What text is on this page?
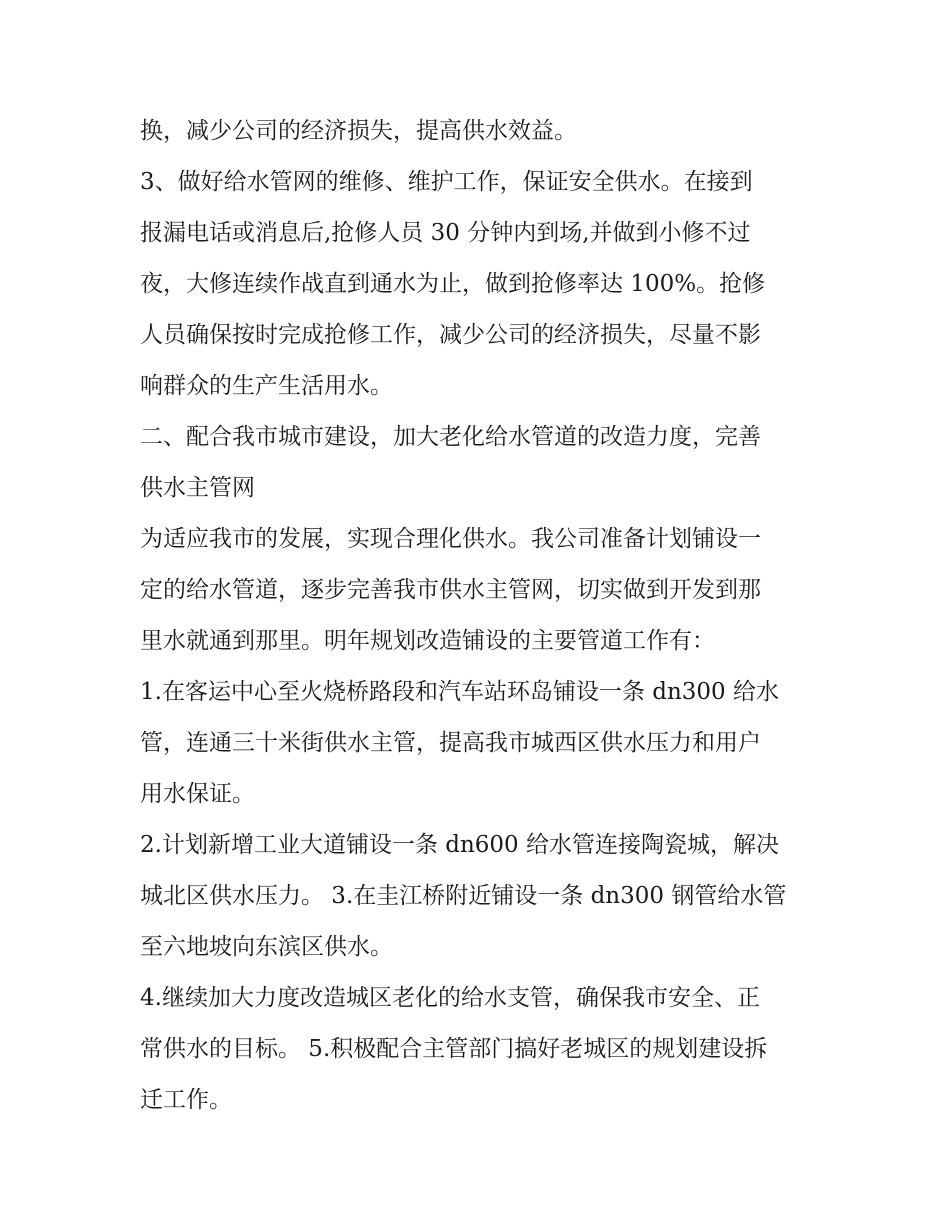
换，减少公司的经济损失，提高供水效益。
3、做好给水管网的维修、维护工作，保证安全供水。在接到
报漏电话或消息后,抢修人员 30 分钟内到场,并做到小修不过
夜，大修连续作战直到通水为止，做到抢修率达 100%。抢修
人员确保按时完成抢修工作，减少公司的经济损失，尽量不影
响群众的生产生活用水。
二、配合我市城市建设，加大老化给水管道的改造力度，完善
供水主管网
为适应我市的发展，实现合理化供水。我公司准备计划铺设一
定的给水管道，逐步完善我市供水主管网，切实做到开发到那
里水就通到那里。明年规划改造铺设的主要管道工作有：
1.在客运中心至火烧桥路段和汽车站环岛铺设一条 dn300 给水
管，连通三十米街供水主管，提高我市城西区供水压力和用户
用水保证。
2.计划新增工业大道铺设一条 dn600 给水管连接陶瓷城，解决
城北区供水压力。 3.在圭江桥附近铺设一条 dn300 钢管给水管
至六地坡向东滨区供水。
4.继续加大力度改造城区老化的给水支管，确保我市安全、正
常供水的目标。 5.积极配合主管部门搞好老城区的规划建设拆
迁工作。
